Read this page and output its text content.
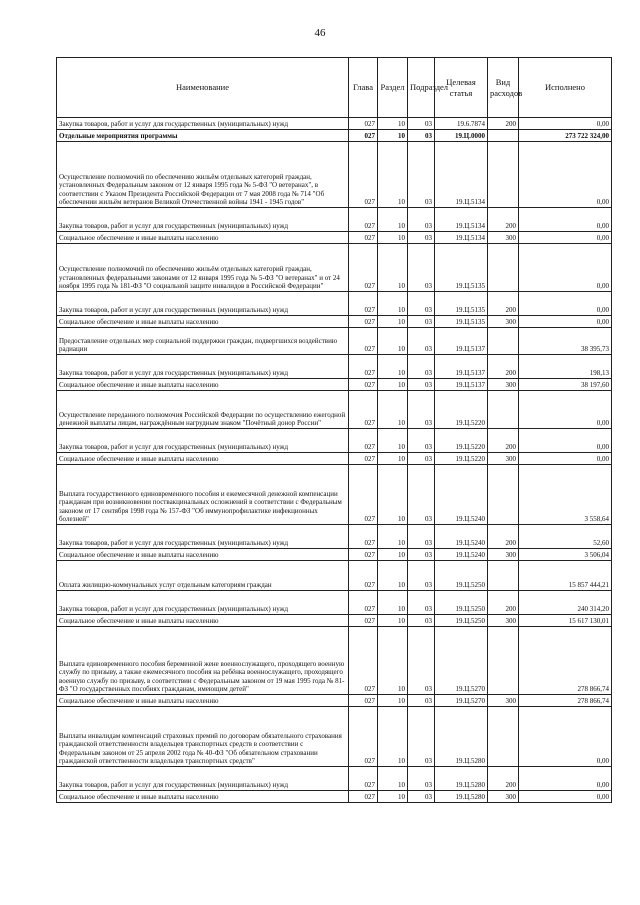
46
Наименование	Глава	Раздел	Подраздел	Целевая статья	Вид расходов	Исполнено
Закупка товаров, работ и услуг для государственных (муниципальных) нужд	027	10	03	19.6.7874	200	0,00
Отдельные мероприятия программы	027	10	03	19.Ц.0000		273 722 324,00
Осуществление полномочий по обеспечению жильём отдельных категорий граждан, установленных Федеральным законом от 12 января 1995 года № 5-ФЗ "О ветеранах", в соответствии с Указом Президента Российской Федерации от 7 мая 2008 года № 714 "Об обеспечении жильём ветеранов Великой Отечественной войны 1941 - 1945 годов"	027	10	03	19.Ц.5134		0,00
Закупка товаров, работ и услуг для государственных (муниципальных) нужд	027	10	03	19.Ц.5134	200	0,00
Социальное обеспечение и иные выплаты населению	027	10	03	19.Ц.5134	300	0,00
Осуществление полномочий по обеспечению жильём отдельных категорий граждан, установленных федеральными законами от 12 января 1995 года № 5-ФЗ "О ветеранах" и от 24 ноября 1995 года № 181-ФЗ "О социальной защите инвалидов в Российской Федерации"	027	10	03	19.Ц.5135		0,00
Закупка товаров, работ и услуг для государственных (муниципальных) нужд	027	10	03	19.Ц.5135	200	0,00
Социальное обеспечение и иные выплаты населению	027	10	03	19.Ц.5135	300	0,00
Предоставление отдельных мер социальной поддержки граждан, подвергшихся воздействию радиации	027	10	03	19.Ц.5137		38 395,73
Закупка товаров, работ и услуг для государственных (муниципальных) нужд	027	10	03	19.Ц.5137	200	198,13
Социальное обеспечение и иные выплаты населению	027	10	03	19.Ц.5137	300	38 197,60
Осуществление переданного полномочия Российской Федерации по осуществлению ежегодной денежной выплаты лицам, награждённым нагрудным знаком "Почётный донор России"	027	10	03	19.Ц.5220		0,00
Закупка товаров, работ и услуг для государственных (муниципальных) нужд	027	10	03	19.Ц.5220	200	0,00
Социальное обеспечение и иные выплаты населению	027	10	03	19.Ц.5220	300	0,00
Выплата государственного единовременного пособия и ежемесячной денежной компенсации гражданам при возникновении поствакцинальных осложнений в соответствии с Федеральным законом от 17 сентября 1998 года № 157-ФЗ "Об иммунопрофилактике инфекционных болезней"	027	10	03	19.Ц.5240		3 558,64
Закупка товаров, работ и услуг для государственных (муниципальных) нужд	027	10	03	19.Ц.5240	200	52,60
Социальное обеспечение и иные выплаты населению	027	10	03	19.Ц.5240	300	3 506,04
Оплата жилищно-коммунальных услуг отдельным категориям граждан	027	10	03	19.Ц.5250		15 857 444,21
Закупка товаров, работ и услуг для государственных (муниципальных) нужд	027	10	03	19.Ц.5250	200	240 314,20
Социальное обеспечение и иные выплаты населению	027	10	03	19.Ц.5250	300	15 617 130,01
Выплата единовременного пособия беременной жене военнослужащего, проходящего военную службу по призыву, а также ежемесячного пособия на ребёнка военнослужащего, проходящего военную службу по призыву, в соответствии с Федеральным законом от 19 мая 1995 года № 81-ФЗ "О государственных пособиях гражданам, имеющим детей"	027	10	03	19.Ц.5270		278 866,74
Социальное обеспечение и иные выплаты населению	027	10	03	19.Ц.5270	300	278 866,74
Выплаты инвалидам компенсаций страховых премий по договорам обязательного страхования гражданской ответственности владельцев транспортных средств в соответствии с Федеральным законом от 25 апреля 2002 года № 40-ФЗ "Об обязательном страховании гражданской ответственности владельцев транспортных средств"	027	10	03	19.Ц.5280		0,00
Закупка товаров, работ и услуг для государственных (муниципальных) нужд	027	10	03	19.Ц.5280	200	0,00
Социальное обеспечение и иные выплаты населению	027	10	03	19.Ц.5280	300	0,00
